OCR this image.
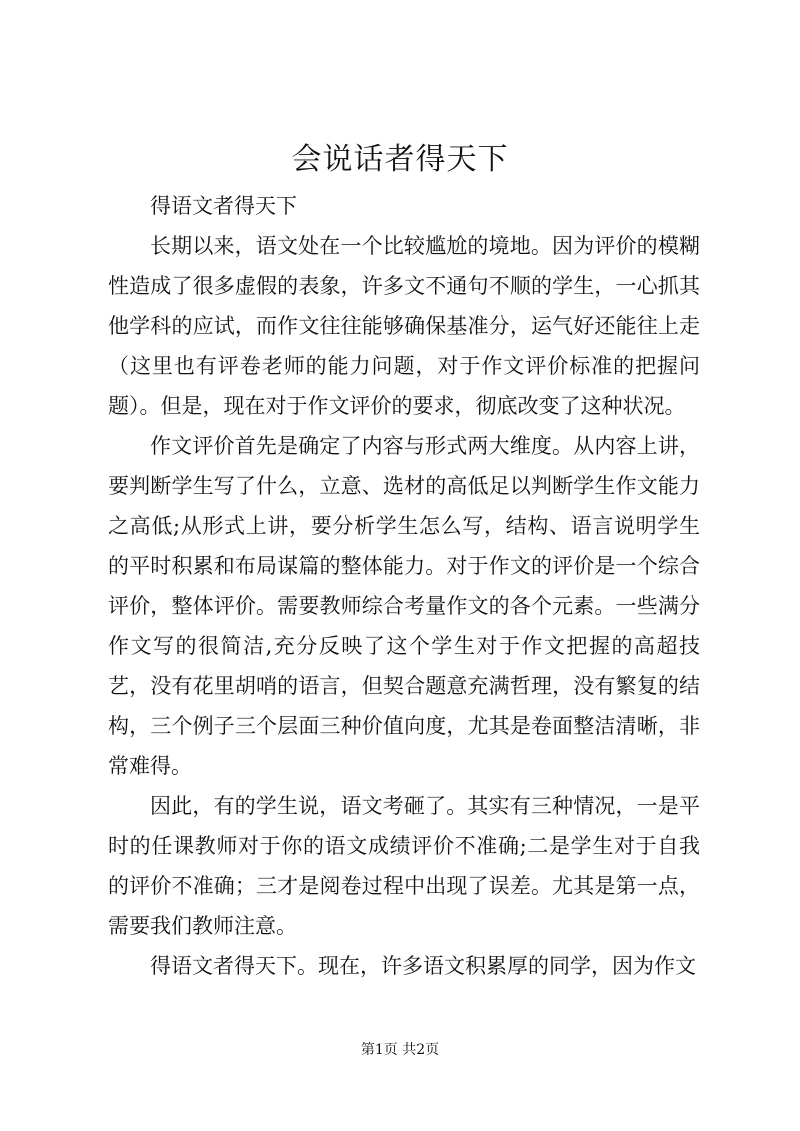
会说话者得天下

得语文者得天下

长期以来，语文处在一个比较尴尬的境地。因为评价的模糊性造成了很多虚假的表象，许多文不通句不顺的学生，一心抓其他学科的应试，而作文往往能够确保基准分，运气好还能往上走（这里也有评卷老师的能力问题，对于作文评价标准的把握问题）。但是，现在对于作文评价的要求，彻底改变了这种状况。

作文评价首先是确定了内容与形式两大维度。从内容上讲，要判断学生写了什么，立意、选材的高低足以判断学生作文能力之高低;从形式上讲，要分析学生怎么写，结构、语言说明学生的平时积累和布局谋篇的整体能力。对于作文的评价是一个综合评价，整体评价。需要教师综合考量作文的各个元素。一些满分作文写的很简洁,充分反映了这个学生对于作文把握的高超技艺，没有花里胡哨的语言，但契合题意充满哲理，没有繁复的结构，三个例子三个层面三种价值向度，尤其是卷面整洁清晰，非常难得。

因此，有的学生说，语文考砸了。其实有三种情况，一是平时的任课教师对于你的语文成绩评价不准确;二是学生对于自我的评价不准确；三才是阅卷过程中出现了误差。尤其是第一点，需要我们教师注意。

得语文者得天下。现在，许多语文积累厚的同学，因为作文

第1页 共2页
